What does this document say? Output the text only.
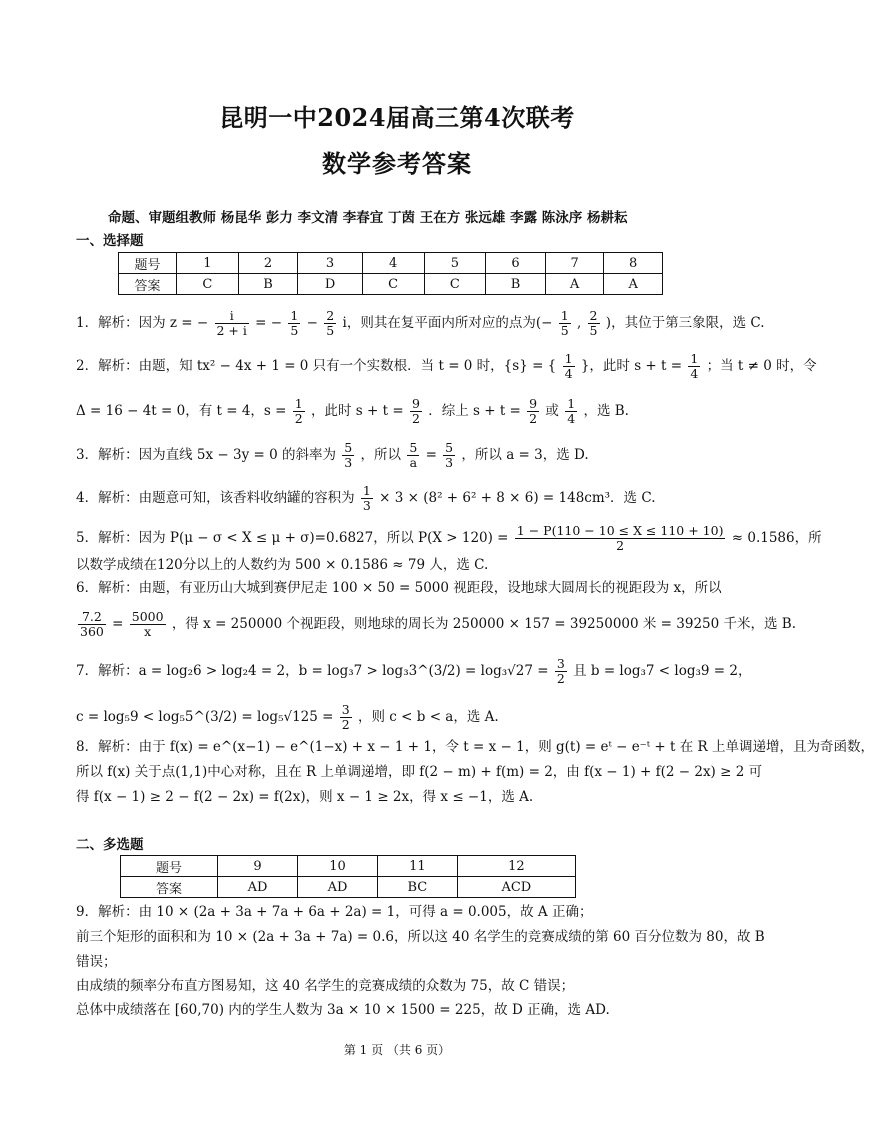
昆明一中2024届高三第4次联考
数学参考答案
命题、审题组教师 杨昆华 彭力 李文清 李春宜 丁茵 王在方 张远雄 李露 陈泳序 杨耕耘
一、选择题
题号	1	2	3	4	5	6	7	8
答案	C	B	D	C	C	B	A	A
1．解析：因为 z = − $\frac{i}{2 + i}$ = − $\frac{1}{5} - \frac{2}{5}$ i，则其在复平面内所对应的点为(− $\frac{1}{5}$ , $\frac{2}{5}$ )，其位于第三象限，选 C.
2．解析：由题，知 tx² − 4x + 1 = 0 只有一个实数根．当 t = 0 时，{s} = { $\frac{1}{4}$ }，此时 $s + t = \frac{1}{4}$ ；当 t ≠ 0 时，令
Δ = 16 − 4t = 0，有 t = 4，$s = \frac{1}{2}$ ，此时 $s + t = \frac{9}{2}$ ．综上 $s + t = \frac{9}{2}$ 或 $\frac{1}{4}$ ，选 B.
3．解析：因为直线 5x − 3y = 0 的斜率为 $\frac{5}{3}$ ，所以 $\frac{5}{a} = \frac{5}{3}$ ，所以 a = 3，选 D.
4．解析：由题意可知，该香料收纳罐的容积为 $\frac{1}{3} \times 3 \times (8^2 + 6^2 + 8 \times 6) = 148cm^3$．选 C.
5．解析：因为 P(μ − σ < X ≤ μ + σ)=0.6827，所以 $P(X > 120) = \frac{1 - P(110 - 10 \le X \le 110 + 10)}{2} \approx 0.1586$，所
以数学成绩在120分以上的人数约为 500 × 0.1586 ≈ 79 人，选 C.
6．解析：由题，有亚历山大城到赛伊尼走 100 × 50 = 5000 视距段，设地球大圆周长的视距段为 x，所以
$\frac{7.2}{360} = \frac{5000}{x}$ ，得 x = 250000 个视距段，则地球的周长为 250000 × 157 = 39250000 米 = 39250 千米，选 B.
7．解析：a = log₂6 > log₂4 = 2，b = log₃7 > log₃3^(3/2) = $\log_3√27 = \frac{3}{2}$ 且 b = log₃7 < log₃9 = 2，
c = log₅9 < log₅5^(3/2) = $\log_5√125 = \frac{3}{2}$ ，则 c < b < a，选 A.
8．解析：由于 f(x) = e^(x−1) − e^(1−x) + x − 1 + 1，令 t = x − 1，则 g(t) = eᵗ − e⁻ᵗ + t 在 R 上单调递增，且为奇函数，
所以 f(x) 关于点(1,1)中心对称，且在 R 上单调递增，即 f(2 − m) + f(m) = 2，由 f(x − 1) + f(2 − 2x) ≥ 2 可
得 f(x − 1) ≥ 2 − f(2 − 2x) = f(2x)，则 x − 1 ≥ 2x，得 x ≤ −1，选 A.
二、多选题
题号	9	10	11	12
答案	AD	AD	BC	ACD
9．解析：由 10 × (2a + 3a + 7a + 6a + 2a) = 1，可得 a = 0.005，故 A 正确；
前三个矩形的面积和为 10 × (2a + 3a + 7a) = 0.6，所以这 40 名学生的竞赛成绩的第 60 百分位数为 80，故 B
错误；
由成绩的频率分布直方图易知，这 40 名学生的竞赛成绩的众数为 75，故 C 错误；
总体中成绩落在 [60,70) 内的学生人数为 3a × 10 × 1500 = 225，故 D 正确，选 AD.
第 1 页 （共 6 页）
